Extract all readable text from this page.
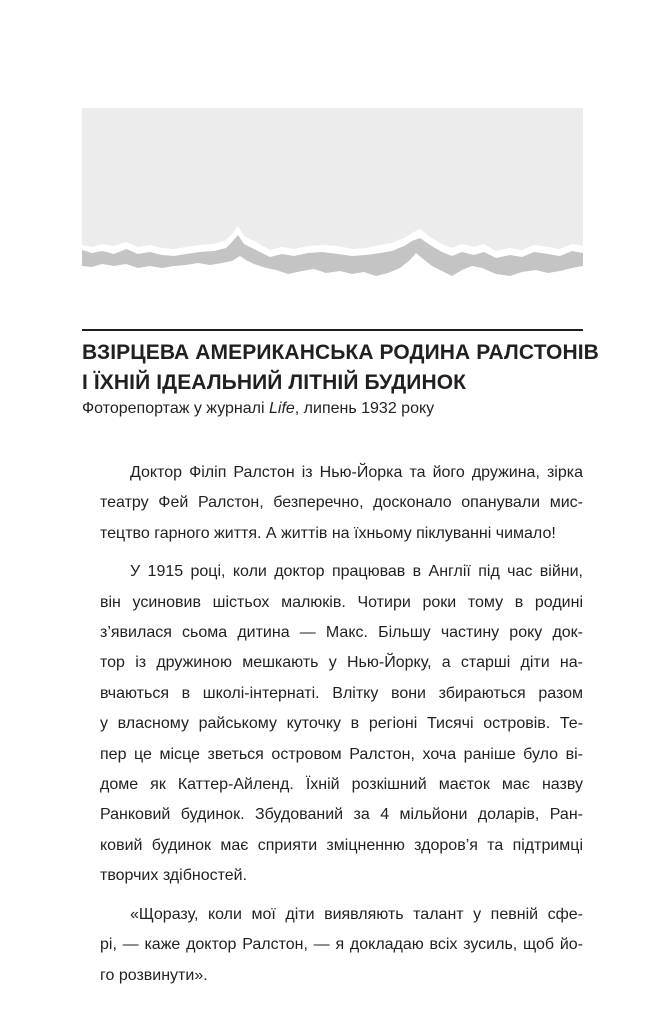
ВЗІРЦЕВА АМЕРИКАНСЬКА РОДИНА РАЛСТОНІВ
І ЇХНІЙ ІДЕАЛЬНИЙ ЛІТНІЙ БУДИНОК
Фоторепортаж у журналі Life, липень 1932 року
Доктор Філіп Ралстон із Нью-Йорка та його дружина, зірка
театру Фей Ралстон, безперечно, досконало опанували мис-
тецтво гарного життя. А життів на їхньому піклуванні чимало!
У 1915 році, коли доктор працював в Англії під час війни,
він усиновив шістьох малюків. Чотири роки тому в родині
з’явилася сьома дитина — Макс. Більшу частину року док-
тор із дружиною мешкають у Нью-Йорку, а старші діти на-
вчаються в школі-інтернаті. Влітку вони збираються разом
у власному райському куточку в регіоні Тисячі островів. Те-
пер це місце зветься островом Ралстон, хоча раніше було ві-
доме як Каттер-Айленд. Їхній розкішний маєток має назву
Ранковий будинок. Збудований за 4 мільйони доларів, Ран-
ковий будинок має сприяти зміцненню здоров’я та підтримці
творчих здібностей.
«Щоразу, коли мої діти виявляють талант у певній сфе-
рі, — каже доктор Ралстон, — я докладаю всіх зусиль, щоб йо-
го розвинути».
